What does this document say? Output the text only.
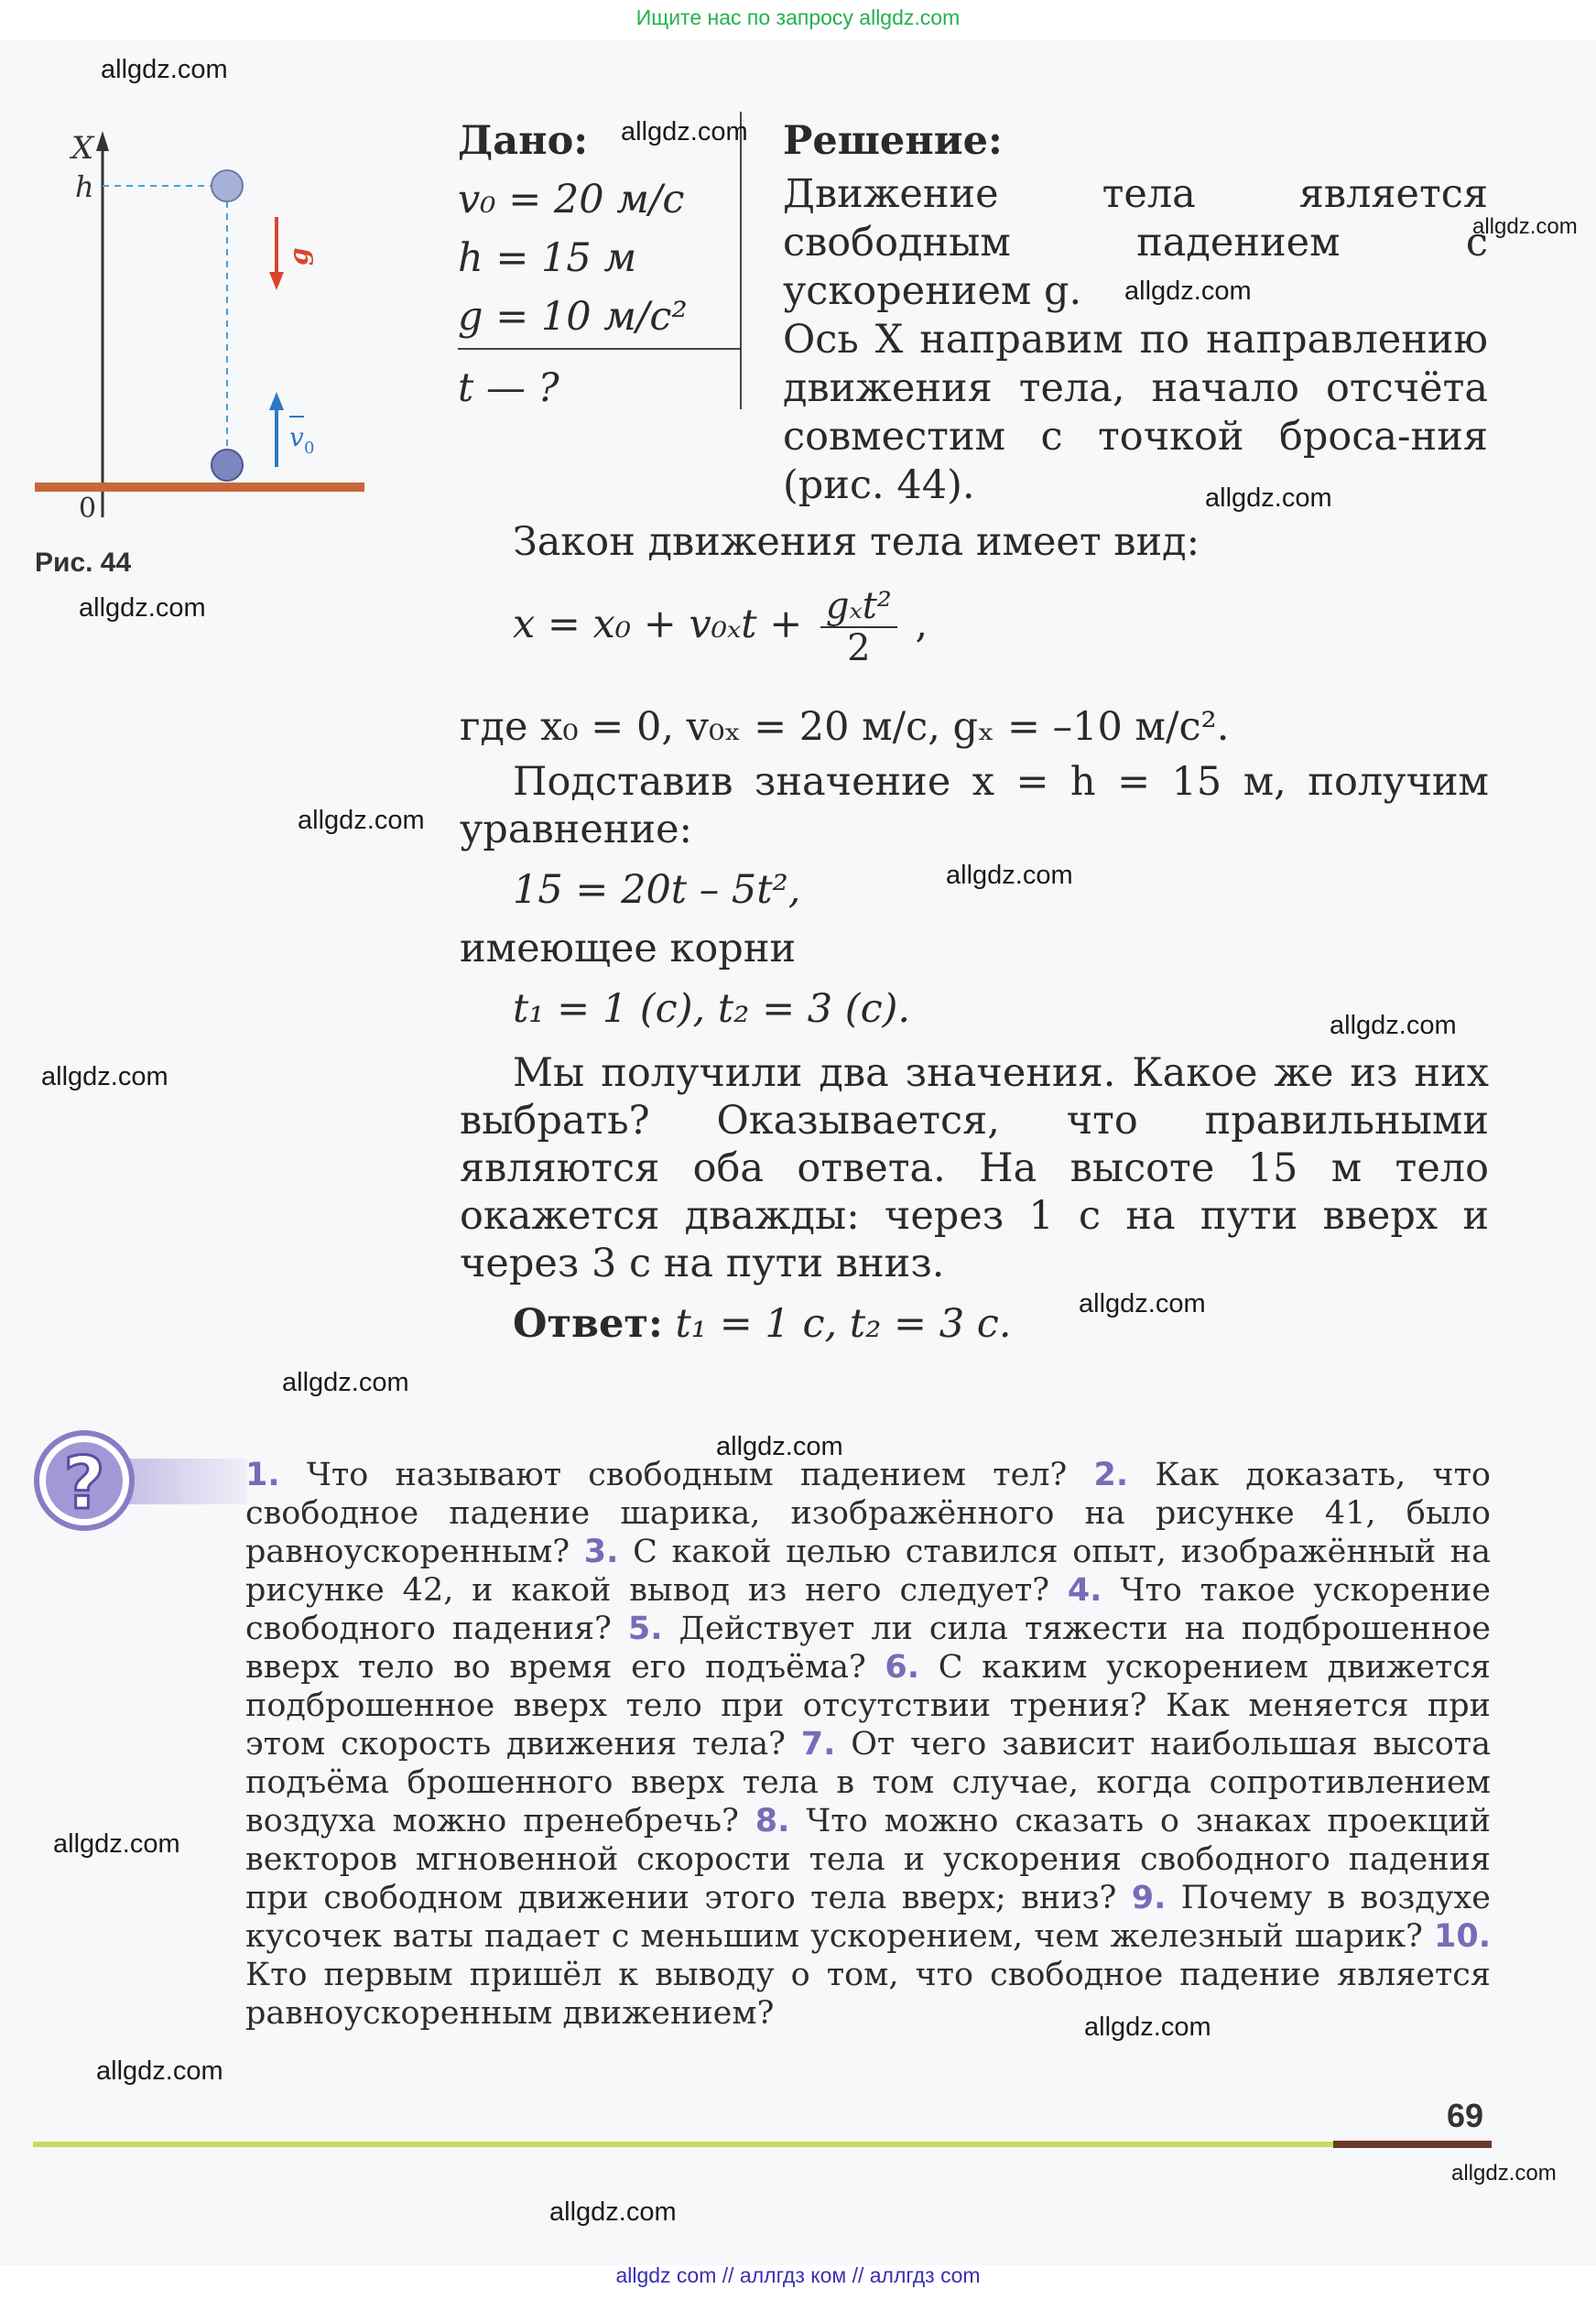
Ищите нас по запросу allgdz.com
X
h
g
v 0
0
Рис. 44
Дано:
v₀ = 20 м/с
h = 15 м
g = 10 м/с²
t — ?
Решение:

Движение тела является свободным падением с ускорением g.

Ось X направим по направлению движения тела, начало отсчёта совместим с точкой броса-ния (рис. 44).

Закон движения тела имеет вид:

$x = x_0 + v_{0x}t + \frac{\text{gₓt²}}{2}$ ,

где x₀ = 0, v₀ₓ = 20 м/с, gₓ = –10 м/с².

Подставив значение x = h = 15 м, получим уравнение:

15 = 20t – 5t²,

имеющее корни

t₁ = 1 (с), t₂ = 3 (с).

Мы получили два значения. Какое же из них выбрать? Оказывается, что правильными являются оба ответа. На высоте 15 м тело окажется дважды: через 1 с на пути вверх и через 3 с на пути вниз.

Ответ: t₁ = 1 с, t₂ = 3 с.

?	1. Что называют свободным падением тел? 2. Как доказать, что свободное падение шарика, изображённого на рисунке 41, было равноускоренным? 3. С какой целью ставился опыт, изображённый на рисунке 42, и какой вывод из него следует? 4. Что такое ускорение свободного падения? 5. Действует ли сила тяжести на подброшенное вверх тело во время его подъёма? 6. С каким ускорением движется подброшенное вверх тело при отсутствии трения? Как меняется при этом скорость движения тела? 7. От чего зависит наибольшая высота подъёма брошенного вверх тела в том случае, когда сопротивлением воздуха можно пренебречь? 8. Что можно сказать о знаках проекций векторов мгновенной скорости тела и ускорения свободного падения при свободном движении этого тела вверх; вниз? 9. Почему в воздухе кусочек ваты падает с меньшим ускорением, чем железный шарик? 10. Кто первым пришёл к выводу о том, что свободное падение является равноускоренным движением?
69
allgdz.com
allgdz.com
allgdz.com
allgdz.com
allgdz.com
allgdz.com
allgdz.com
allgdz.com
allgdz.com
allgdz.com
allgdz.com
allgdz.com
allgdz.com
allgdz.com
allgdz.com
allgdz.com
allgdz.com
allgdz.com
allgdz com // аллгдз ком // аллгдз com
